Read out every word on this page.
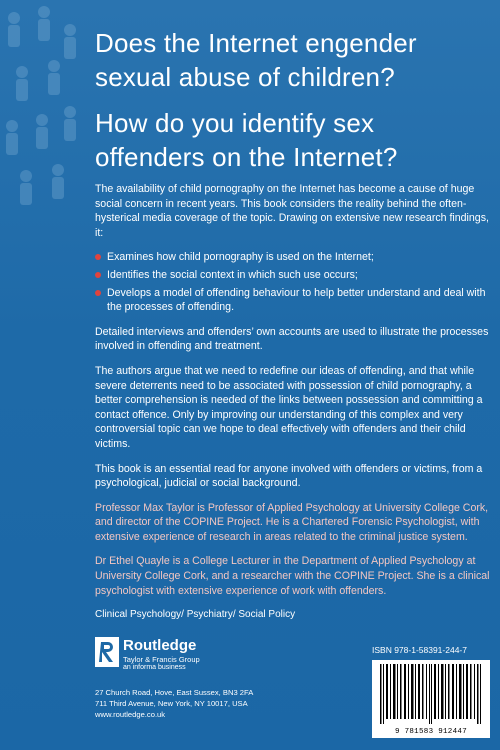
Does the Internet engender sexual abuse of children?
How do you identify sex offenders on the Internet?

The availability of child pornography on the Internet has become a cause of huge social concern in recent years. This book considers the reality behind the often-hysterical media coverage of the topic. Drawing on extensive new research findings, it:

Examines how child pornography is used on the Internet;
Identifies the social context in which such use occurs;
Develops a model of offending behaviour to help better understand and deal with the processes of offending.

Detailed interviews and offenders’ own accounts are used to illustrate the processes involved in offending and treatment.

The authors argue that we need to redefine our ideas of offending, and that while severe deterrents need to be associated with possession of child pornography, a better comprehension is needed of the links between possession and committing a contact offence. Only by improving our understanding of this complex and very controversial topic can we hope to deal effectively with offenders and their child victims.

This book is an essential read for anyone involved with offenders or victims, from a psychological, judicial or social background.

Professor Max Taylor is Professor of Applied Psychology at University College Cork, and director of the COPINE Project. He is a Chartered Forensic Psychologist, with extensive experience of research in areas related to the criminal justice system.

Dr Ethel Quayle is a College Lecturer in the Department of Applied Psychology at University College Cork, and a researcher with the COPINE Project. She is a clinical psychologist with extensive experience of work with offenders.

Clinical Psychology/ Psychiatry/ Social Policy

Routledge
Taylor & Francis Group
an informa business
27 Church Road, Hove, East Sussex, BN3 2FA
711 Third Avenue, New York, NY 10017, USA
www.routledge.co.uk
ISBN 978-1-58391-244-7
9 781583 912447
